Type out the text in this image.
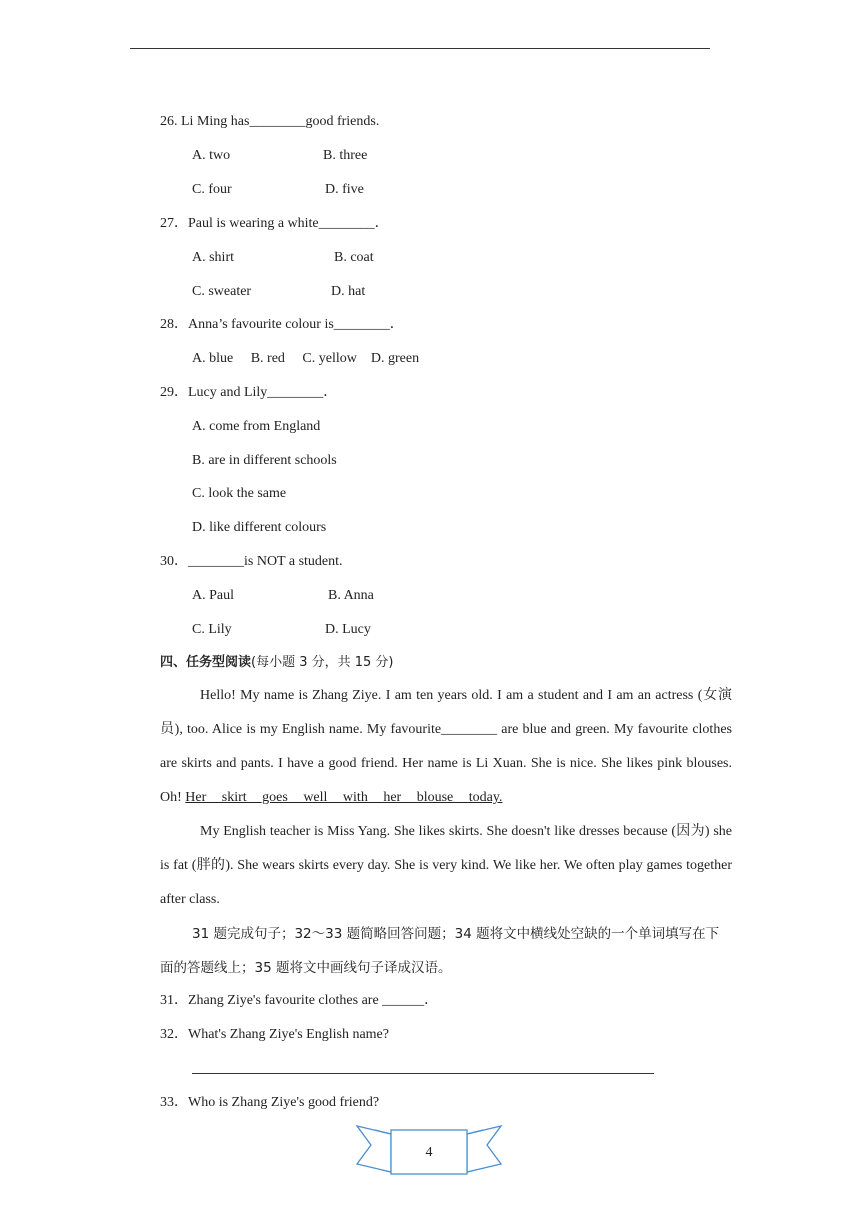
26. Li Ming has________good friends.
A. two	B. three
C. four	D. five
27．Paul is wearing a white________．
A. shirt	B. coat
C. sweater	D. hat
28．Anna’s favourite colour is________．
A. blue　 B. red　 C. yellow　D. green
29．Lucy and Lily________．
A. come from England
B. are in different schools
C. look the same
D. like different colours
30．________is NOT a student.
A. Paul	B. Anna
C. Lily	D. Lucy
四、任务型阅读(每小题 3 分，共 15 分)
Hello! My name is Zhang Ziye. I am ten years old. I am a student and I am an actress (女演员), too. Alice is my English name. My favourite________ are blue and green. My favourite clothes are skirts and pants. I have a good friend. Her name is Li Xuan. She is nice. She likes pink blouses. Oh! Her skirt goes well with her blouse today.
My English teacher is Miss Yang. She likes skirts. She doesn't like dresses because (因为) she is fat (胖的). She wears skirts every day. She is very kind. We like her. We often play games together after class.
31 题完成句子；32～33 题简略回答问题；34 题将文中横线处空缺的一个单词填写在下面的答题线上；35 题将文中画线句子译成汉语。
31．Zhang Ziye's favourite clothes are ______．
32．What's Zhang Ziye's English name?
33．Who is Zhang Ziye's good friend?
4
